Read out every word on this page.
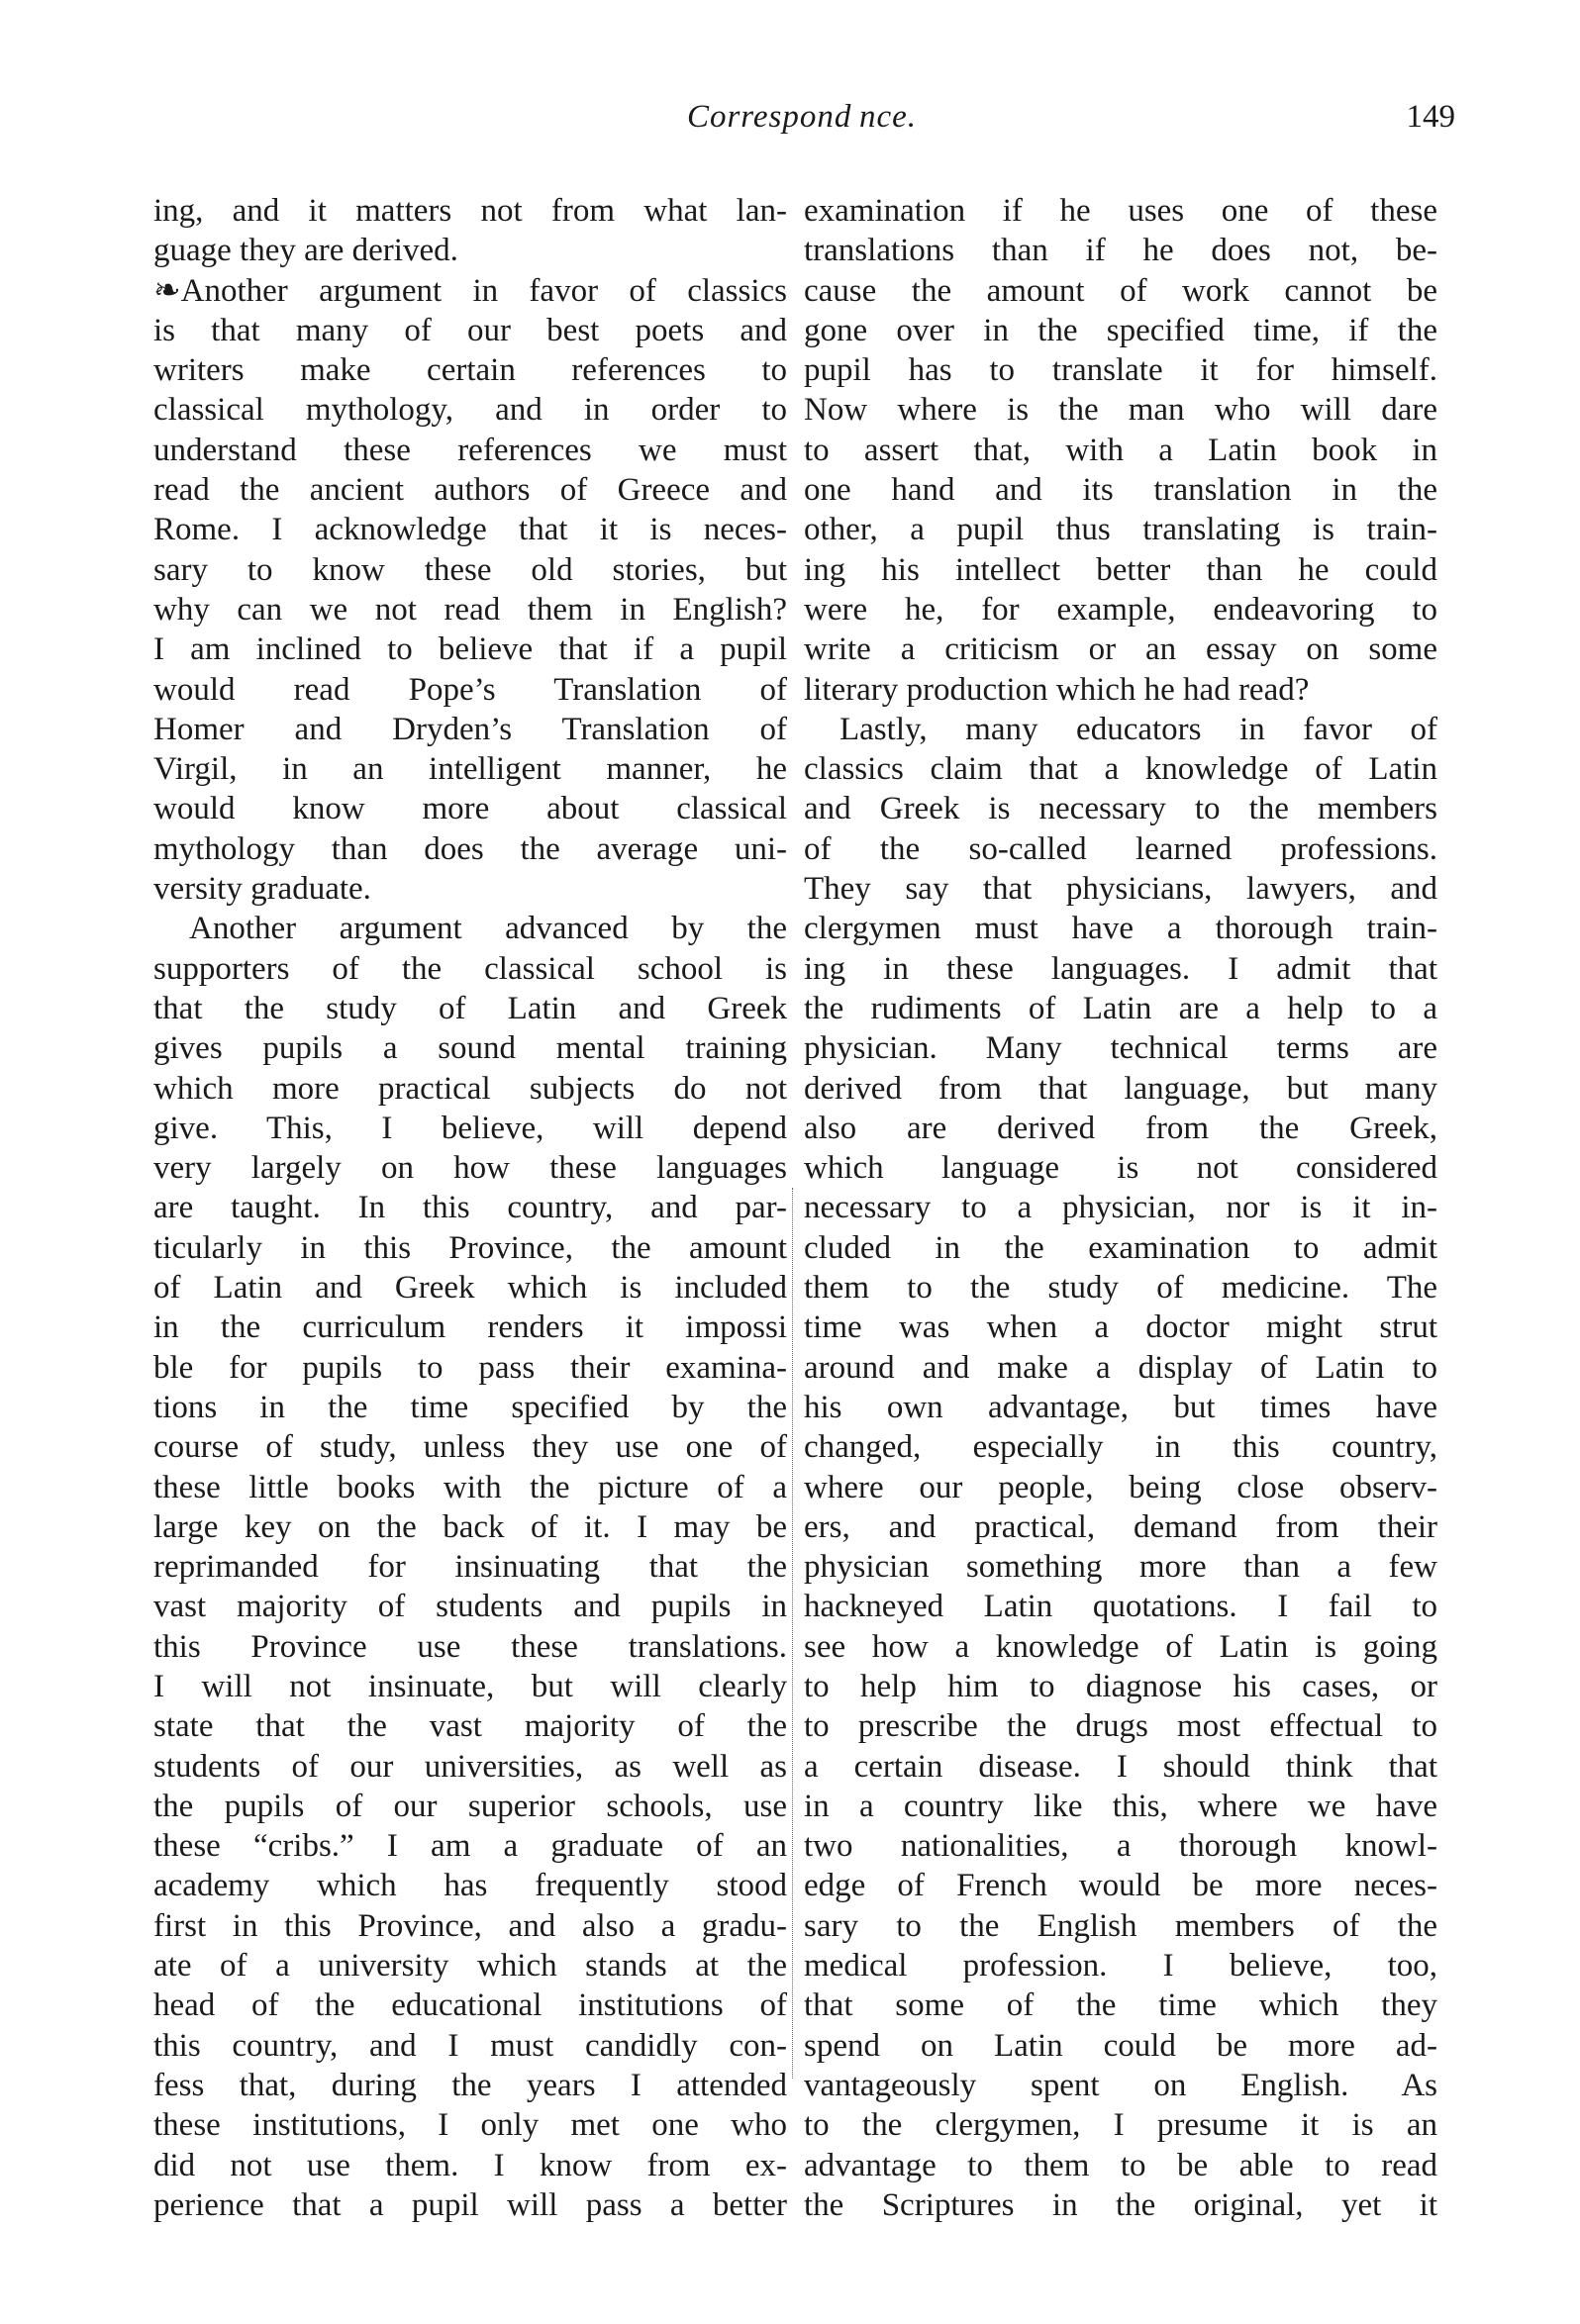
Correspond nce.	149
ing, and it matters not from what lan-
guage they are derived.
❧Another argument in favor of classics
is that many of our best poets and
writers make certain references to
classical mythology, and in order to
understand these references we must
read the ancient authors of Greece and
Rome. I acknowledge that it is neces-
sary to know these old stories, but
why can we not read them in English?
I am inclined to believe that if a pupil
would read Pope’s Translation of
Homer and Dryden’s Translation of
Virgil, in an intelligent manner, he
would know more about classical
mythology than does the average uni-
versity graduate.
Another argument advanced by the
supporters of the classical school is
that the study of Latin and Greek
gives pupils a sound mental training
which more practical subjects do not
give. This, I believe, will depend
very largely on how these languages
are taught. In this country, and par-
ticularly in this Province, the amount
of Latin and Greek which is included
in the curriculum renders it impossi
ble for pupils to pass their examina-
tions in the time specified by the
course of study, unless they use one of
these little books with the picture of a
large key on the back of it. I may be
reprimanded for insinuating that the
vast majority of students and pupils in
this Province use these translations.
I will not insinuate, but will clearly
state that the vast majority of the
students of our universities, as well as
the pupils of our superior schools, use
these “cribs.” I am a graduate of an
academy which has frequently stood
first in this Province, and also a gradu-
ate of a university which stands at the
head of the educational institutions of
this country, and I must candidly con-
fess that, during the years I attended
these institutions, I only met one who
did not use them. I know from ex-
perience that a pupil will pass a better
examination if he uses one of these
translations than if he does not, be-
cause the amount of work cannot be
gone over in the specified time, if the
pupil has to translate it for himself.
Now where is the man who will dare
to assert that, with a Latin book in
one hand and its translation in the
other, a pupil thus translating is train-
ing his intellect better than he could
were he, for example, endeavoring to
write a criticism or an essay on some
literary production which he had read?
Lastly, many educators in favor of
classics claim that a knowledge of Latin
and Greek is necessary to the members
of the so-called learned professions.
They say that physicians, lawyers, and
clergymen must have a thorough train-
ing in these languages. I admit that
the rudiments of Latin are a help to a
physician. Many technical terms are
derived from that language, but many
also are derived from the Greek,
which language is not considered
necessary to a physician, nor is it in-
cluded in the examination to admit
them to the study of medicine. The
time was when a doctor might strut
around and make a display of Latin to
his own advantage, but times have
changed, especially in this country,
where our people, being close observ-
ers, and practical, demand from their
physician something more than a few
hackneyed Latin quotations. I fail to
see how a knowledge of Latin is going
to help him to diagnose his cases, or
to prescribe the drugs most effectual to
a certain disease. I should think that
in a country like this, where we have
two nationalities, a thorough knowl-
edge of French would be more neces-
sary to the English members of the
medical profession. I believe, too,
that some of the time which they
spend on Latin could be more ad-
vantageously spent on English. As
to the clergymen, I presume it is an
advantage to them to be able to read
the Scriptures in the original, yet it
